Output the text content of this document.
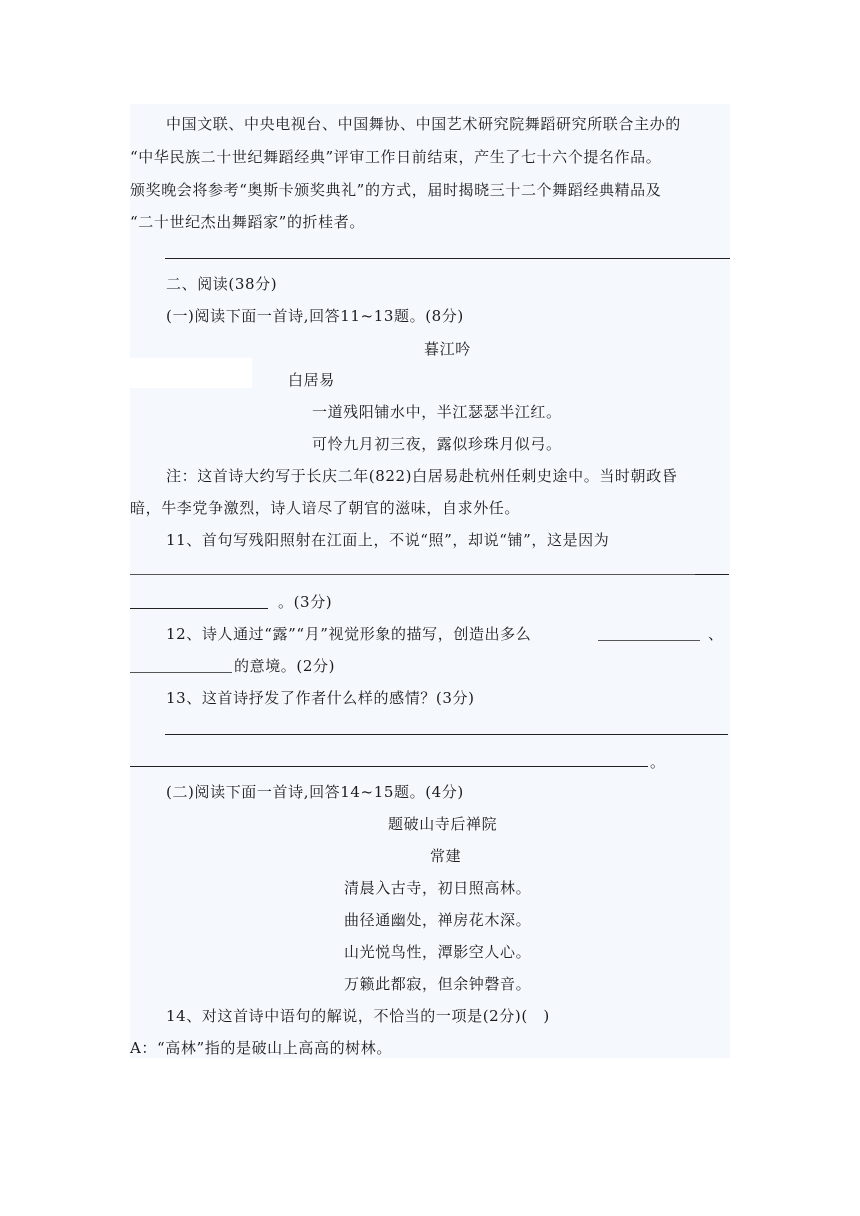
中国文联、中央电视台、中国舞协、中国艺术研究院舞蹈研究所联合主办的
“中华民族二十世纪舞蹈经典”评审工作日前结束，产生了七十六个提名作品。
颁奖晚会将参考“奥斯卡颁奖典礼”的方式，届时揭晓三十二个舞蹈经典精品及
“二十世纪杰出舞蹈家”的折桂者。
二、阅读(38分)
(一)阅读下面一首诗,回答11~13题。(8分)
暮江吟
白居易
一道残阳铺水中，半江瑟瑟半江红。
可怜九月初三夜，露似珍珠月似弓。
注：这首诗大约写于长庆二年(822)白居易赴杭州任刺史途中。当时朝政昏
暗，牛李党争激烈，诗人谙尽了朝官的滋味，自求外任。
11、首句写残阳照射在江面上，不说“照”，却说“铺”，这是因为
。(3分)
12、诗人通过“露”“月”视觉形象的描写，创造出多么	、
的意境。(2分)
13、这首诗抒发了作者什么样的感情？(3分)
。
(二)阅读下面一首诗,回答14~15题。(4分)
题破山寺后禅院
常建
清晨入古寺，初日照高林。
曲径通幽处，禅房花木深。
山光悦鸟性，潭影空人心。
万籁此都寂，但余钟磬音。
14、对这首诗中语句的解说，不恰当的一项是(2分)(　)
A：“高林”指的是破山上高高的树林。
